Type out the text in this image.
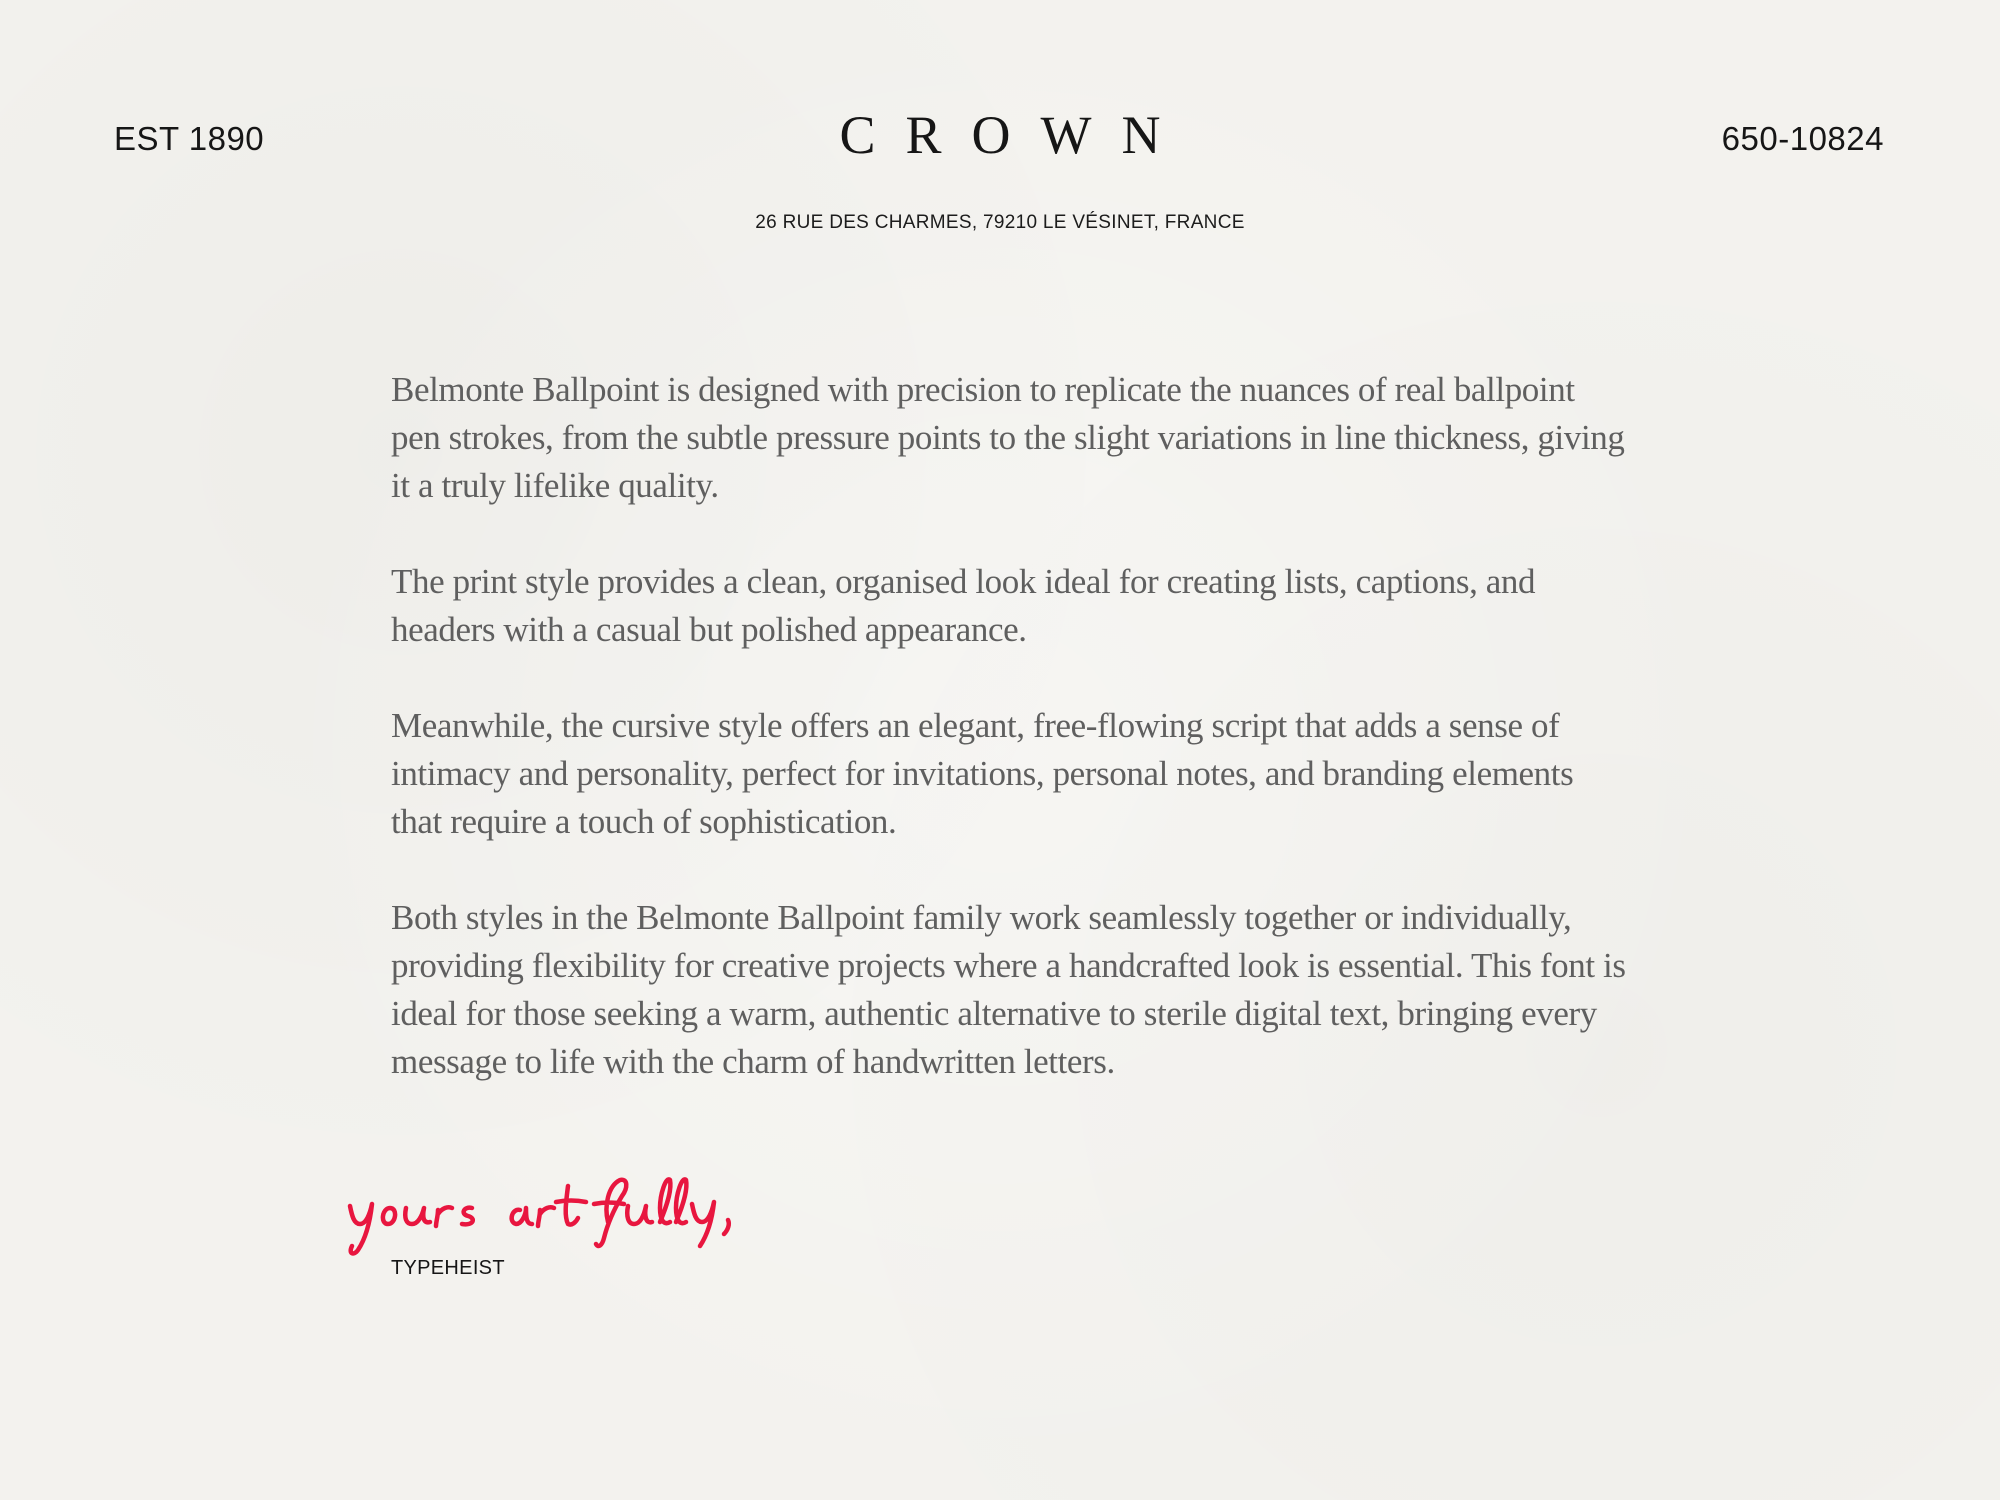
EST 1890	CROWN	650-10824
26 RUE DES CHARMES, 79210 LE VÉSINET, FRANCE

Belmonte Ballpoint is designed with precision to replicate the nuances of real ballpoint pen strokes, from the subtle pressure points to the slight variations in line thickness, giving it a truly lifelike quality.

The print style provides a clean, organised look ideal for creating lists, captions, and headers with a casual but polished appearance.

Meanwhile, the cursive style offers an elegant, free-flowing script that adds a sense of intimacy and personality, perfect for invitations, personal notes, and branding elements that require a touch of sophistication.

Both styles in the Belmonte Ballpoint family work seamlessly together or individually, providing flexibility for creative projects where a handcrafted look is essential. This font is ideal for those seeking a warm, authentic alternative to sterile digital text, bringing every message to life with the charm of handwritten letters.

TYPEHEIST
